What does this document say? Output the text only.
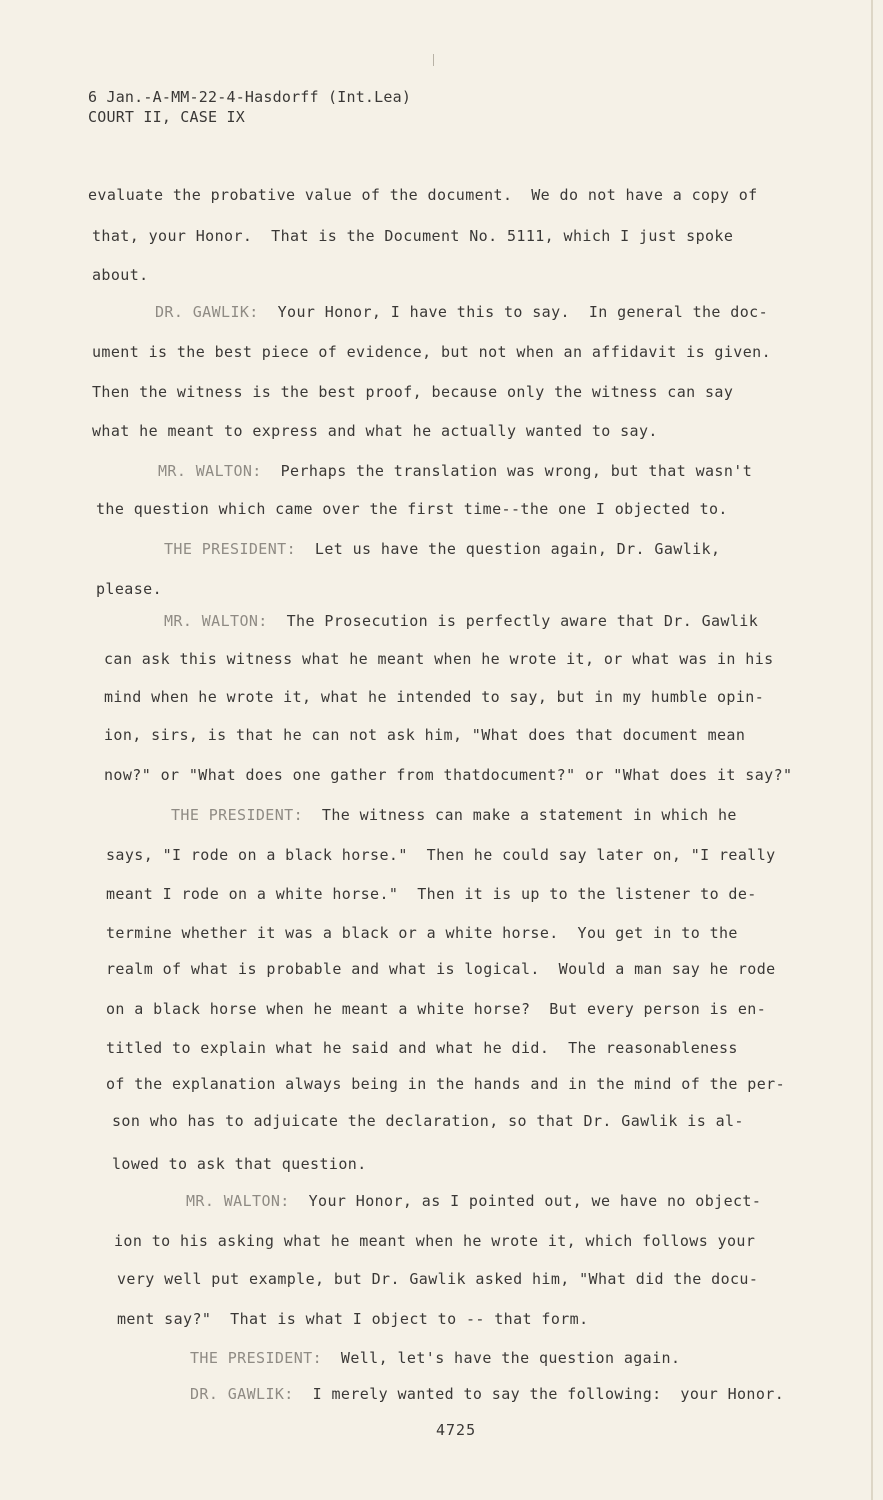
6 Jan.-A-MM-22-4-Hasdorff (Int.Lea)
COURT II, CASE IX
evaluate the probative value of the document.  We do not have a copy of
that, your Honor.  That is the Document No. 5111, which I just spoke
about.
DR. GAWLIK:  Your Honor, I have this to say.  In general the doc-
ument is the best piece of evidence, but not when an affidavit is given.
Then the witness is the best proof, because only the witness can say
what he meant to express and what he actually wanted to say.
MR. WALTON:  Perhaps the translation was wrong, but that wasn't
the question which came over the first time--the one I objected to.
THE PRESIDENT:  Let us have the question again, Dr. Gawlik,
please.
MR. WALTON:  The Prosecution is perfectly aware that Dr. Gawlik
can ask this witness what he meant when he wrote it, or what was in his
mind when he wrote it, what he intended to say, but in my humble opin-
ion, sirs, is that he can not ask him, "What does that document mean
now?" or "What does one gather from thatdocument?" or "What does it say?"
THE PRESIDENT:  The witness can make a statement in which he
says, "I rode on a black horse."  Then he could say later on, "I really
meant I rode on a white horse."  Then it is up to the listener to de-
termine whether it was a black or a white horse.  You get in to the
realm of what is probable and what is logical.  Would a man say he rode
on a black horse when he meant a white horse?  But every person is en-
titled to explain what he said and what he did.  The reasonableness
of the explanation always being in the hands and in the mind of the per-
son who has to adjuicate the declaration, so that Dr. Gawlik is al-
lowed to ask that question.
MR. WALTON:  Your Honor, as I pointed out, we have no object-
ion to his asking what he meant when he wrote it, which follows your
very well put example, but Dr. Gawlik asked him, "What did the docu-
ment say?"  That is what I object to -- that form.
THE PRESIDENT:  Well, let's have the question again.
DR. GAWLIK:  I merely wanted to say the following:  your Honor.
4725
